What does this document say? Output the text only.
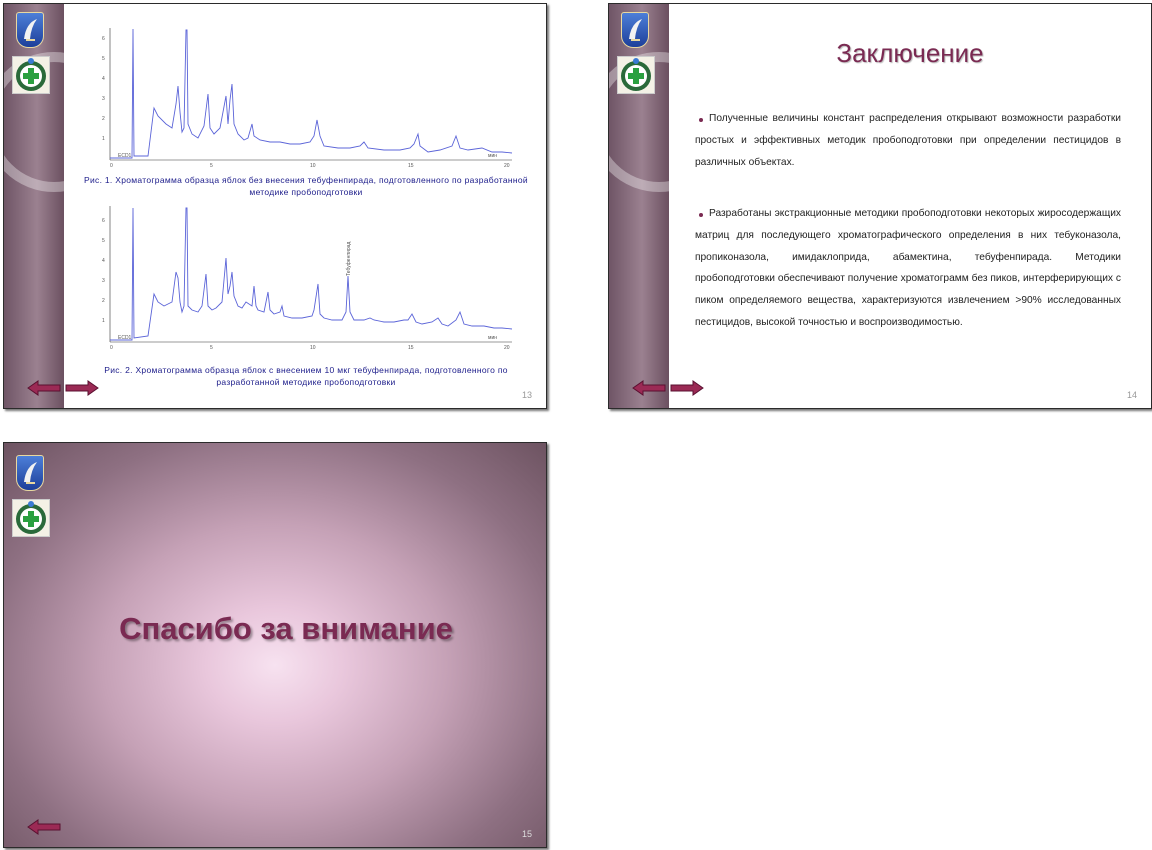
1
2
3
4
5
6
0	5	10	15	20
мин
ECD1
Рис. 1. Хроматограмма образца яблок без внесения тебуфенпирада, подготовленного по разработанной методике пробоподготовки
1
2
3
4
5
6
0	5	10	15	20
мин
ECD1
Тебуфенпирад
Рис. 2. Хроматограмма образца яблок с внесением 10 мкг тебуфенпирада, подготовленного по разработанной методике пробоподготовки
13
Заключение
Полученные величины констант распределения открывают возможности разработки простых и эффективных методик пробоподготовки при определении пестицидов в различных объектах.
Разработаны экстракционные методики пробоподготовки некоторых жиросодержащих матриц для последующего хроматографического определения в них тебуконазола, пропиконазола, имидаклоприда, абамектина, тебуфенпирада. Методики пробоподготовки обеспечивают получение хроматограмм без пиков, интерферирующих с пиком определяемого вещества, характеризуются извлечением >90% исследованных пестицидов, высокой точностью и воспроизводимостью.
14
Спасибо за внимание
15
